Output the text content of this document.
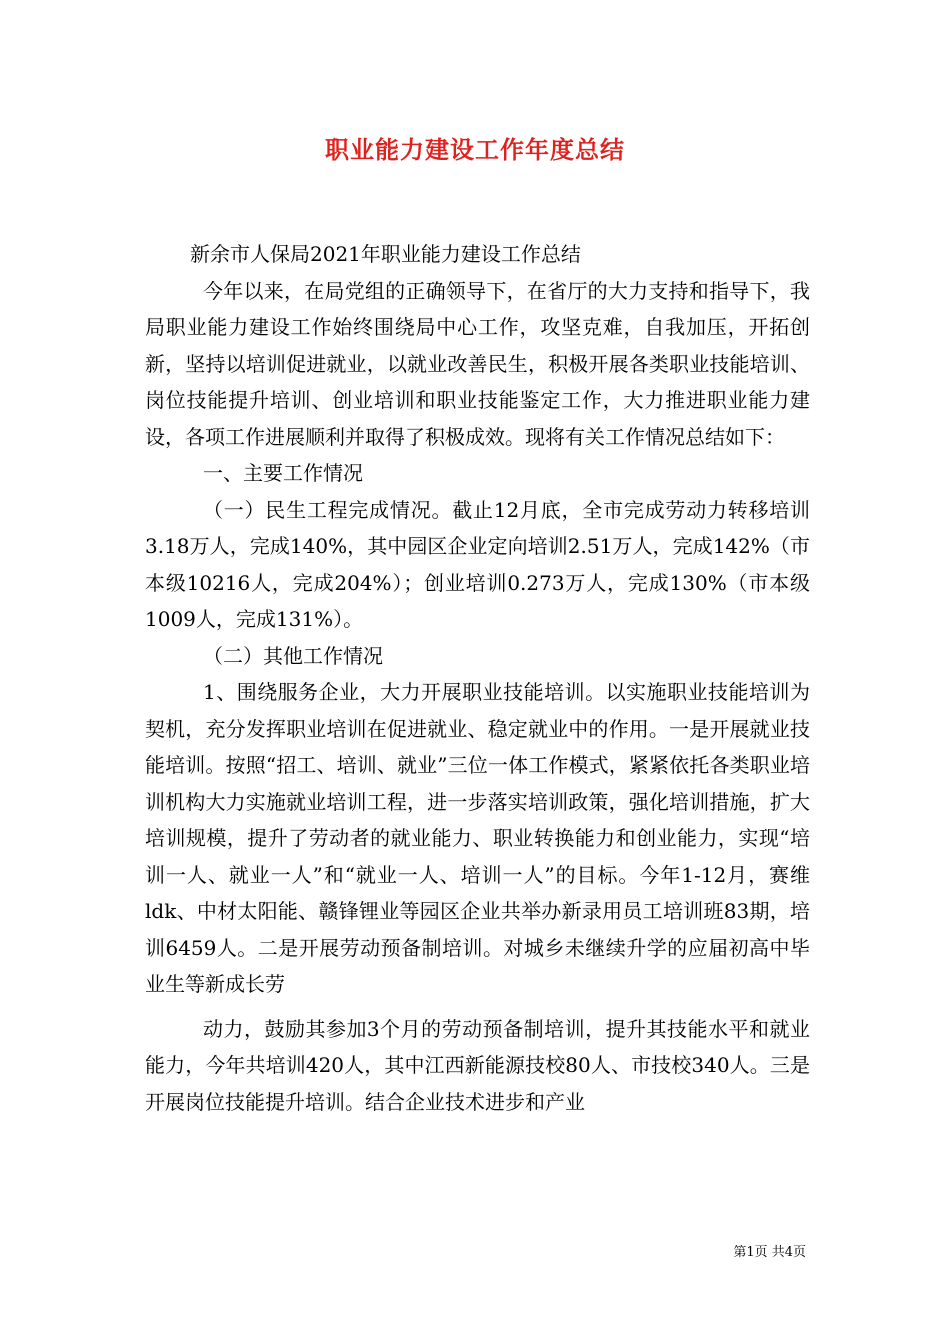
职业能力建设工作年度总结

新余市人保局2021年职业能力建设工作总结

今年以来，在局党组的正确领导下，在省厅的大力支持和指导下，我局职业能力建设工作始终围绕局中心工作，攻坚克难，自我加压，开拓创新，坚持以培训促进就业，以就业改善民生，积极开展各类职业技能培训、岗位技能提升培训、创业培训和职业技能鉴定工作，大力推进职业能力建设，各项工作进展顺利并取得了积极成效。现将有关工作情况总结如下：

一、主要工作情况

（一）民生工程完成情况。截止12月底，全市完成劳动力转移培训3.18万人，完成140%，其中园区企业定向培训2.51万人，完成142%（市本级10216人，完成204%）；创业培训0.273万人，完成130%（市本级1009人，完成131%）。

（二）其他工作情况

1、围绕服务企业，大力开展职业技能培训。以实施职业技能培训为契机，充分发挥职业培训在促进就业、稳定就业中的作用。一是开展就业技能培训。按照“招工、培训、就业”三位一体工作模式，紧紧依托各类职业培训机构大力实施就业培训工程，进一步落实培训政策，强化培训措施，扩大培训规模，提升了劳动者的就业能力、职业转换能力和创业能力，实现“培训一人、就业一人”和“就业一人、培训一人”的目标。今年1-12月，赛维ldk、中材太阳能、赣锋锂业等园区企业共举办新录用员工培训班83期，培训6459人。二是开展劳动预备制培训。对城乡未继续升学的应届初高中毕业生等新成长劳

动力，鼓励其参加3个月的劳动预备制培训，提升其技能水平和就业能力，今年共培训420人，其中江西新能源技校80人、市技校340人。三是开展岗位技能提升培训。结合企业技术进步和产业

第1页 共4页
